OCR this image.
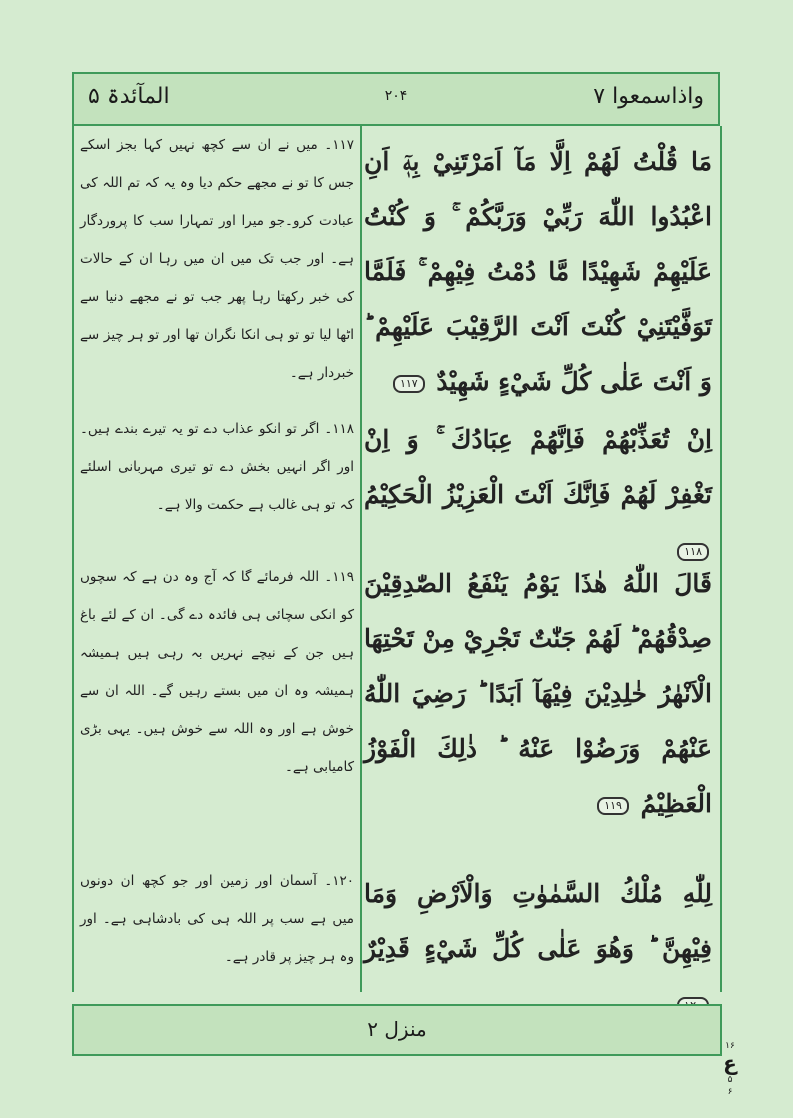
واذاسمعوا ۷
۲۰۴
المآئدۃ ۵
مَا قُلْتُ لَهُمْ اِلَّا مَآ اَمَرْتَنِيْ بِهٖٓ اَنِ اعْبُدُوا اللّٰهَ رَبِّيْ وَرَبَّكُمْ ۚ وَ كُنْتُ عَلَيْهِمْ شَهِيْدًا مَّا دُمْتُ فِيْهِمْ ۚ فَلَمَّا تَوَفَّيْتَنِيْ كُنْتَ اَنْتَ الرَّقِيْبَ عَلَيْهِمْ ؕ وَ اَنْتَ عَلٰى كُلِّ شَيْءٍ شَهِيْدٌ ۱۱۷
اِنْ تُعَذِّبْهُمْ فَاِنَّهُمْ عِبَادُكَ ۚ وَ اِنْ تَغْفِرْ لَهُمْ فَاِنَّكَ اَنْتَ الْعَزِيْزُ الْحَكِيْمُ ۱۱۸
قَالَ اللّٰهُ هٰذَا يَوْمُ يَنْفَعُ الصّٰدِقِيْنَ صِدْقُهُمْ ؕ لَهُمْ جَنّٰتٌ تَجْرِيْ مِنْ تَحْتِهَا الْاَنْهٰرُ خٰلِدِيْنَ فِيْهَآ اَبَدًا ؕ رَضِيَ اللّٰهُ عَنْهُمْ وَرَضُوْا عَنْهُ ؕ ذٰلِكَ الْفَوْزُ الْعَظِيْمُ ۱۱۹
لِلّٰهِ مُلْكُ السَّمٰوٰتِ وَالْاَرْضِ وَمَا فِيْهِنَّ ؕ وَهُوَ عَلٰى كُلِّ شَيْءٍ قَدِيْرٌ
۱۱۷۔ میں نے ان سے کچھ نہیں کہا بجز اسکے جس کا تو نے مجھے حکم دیا وہ یہ کہ تم اللہ کی عبادت کرو۔جو میرا اور تمہارا سب کا پروردگار ہے۔ اور جب تک میں ان میں رہا ان کے حالات کی خبر رکھتا رہا پھر جب تو نے مجھے دنیا سے اٹھا لیا تو تو ہی انکا نگران تھا اور تو ہر چیز سے خبردار ہے۔
۱۱۸۔ اگر تو انکو عذاب دے تو یہ تیرے بندے ہیں۔ اور اگر انہیں بخش دے تو تیری مہربانی اسلئے کہ تو ہی غالب ہے حکمت والا ہے۔
۱۱۹۔ اللہ فرمائے گا کہ آج وہ دن ہے کہ سچوں کو انکی سچائی ہی فائدہ دے گی۔ ان کے لئے باغ ہیں جن کے نیچے نہریں بہ رہی ہیں ہمیشہ ہمیشہ وہ ان میں بستے رہیں گے۔ اللہ ان سے خوش ہے اور وہ اللہ سے خوش ہیں۔ یہی بڑی کامیابی ہے۔
۱۲۰۔ آسمان اور زمین اور جو کچھ ان دونوں میں ہے سب پر اللہ ہی کی بادشاہی ہے۔ اور وہ ہر چیز پر قادر ہے۔
۱۶
ع
۵
۶
منزل ۲
